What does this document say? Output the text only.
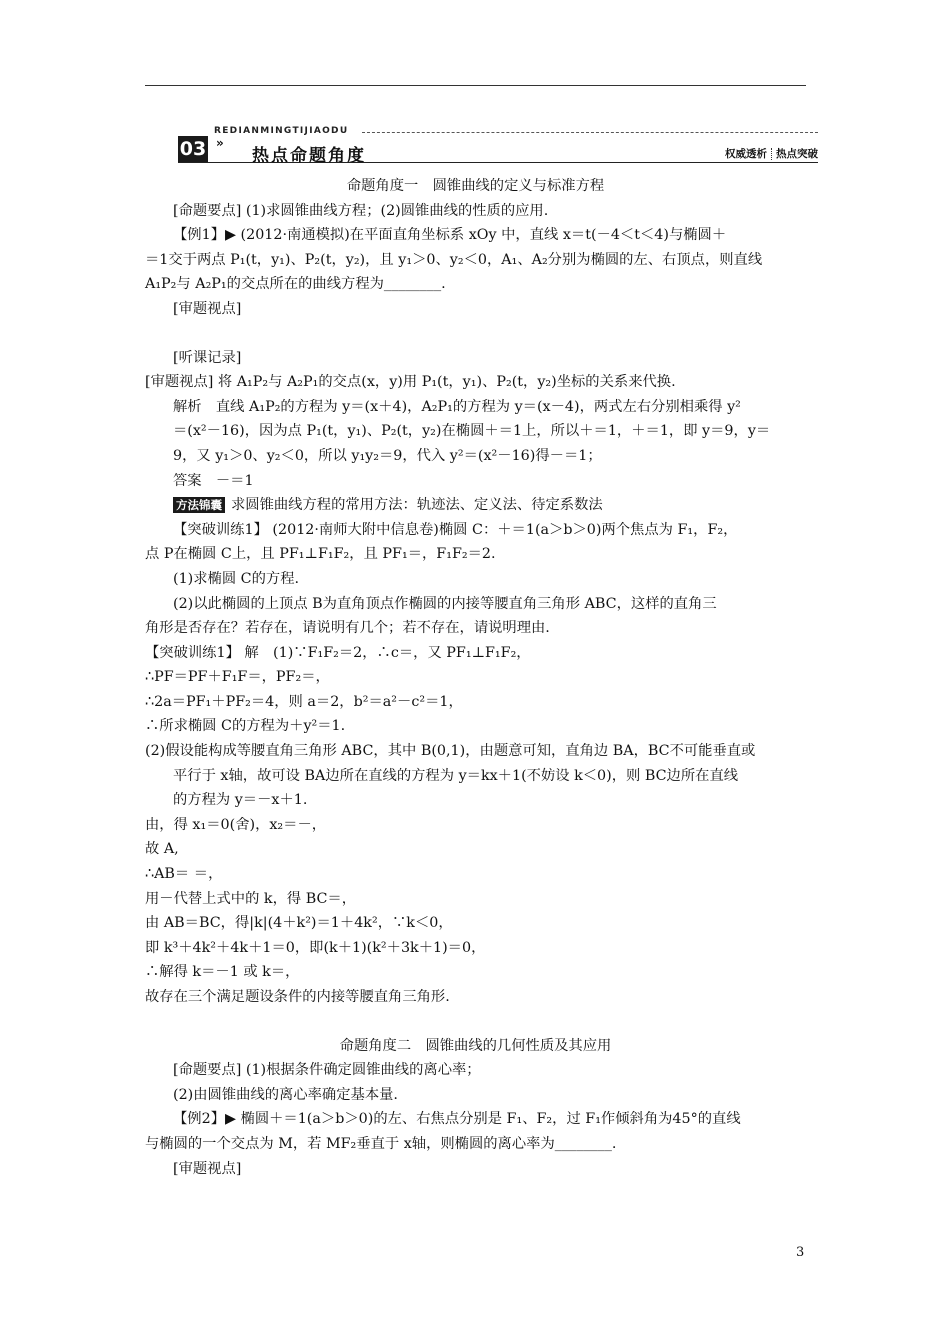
REDIANMINGTIJIAODU
03 »
热点命题角度	权威透析 热点突破
命题角度一　圆锥曲线的定义与标准方程
[命题要点] (1)求圆锥曲线方程；(2)圆锥曲线的性质的应用.
【例1】▶ (2012·南通模拟)在平面直角坐标系 xOy 中，直线 x＝t(－4＜t＜4)与椭圆＋
＝1交于两点 P₁(t，y₁)、P₂(t，y₂)，且 y₁＞0、y₂＜0，A₁、A₂分别为椭圆的左、右顶点，则直线
A₁P₂与 A₂P₁的交点所在的曲线方程为________.
[审题视点]
[听课记录]
[审题视点] 将 A₁P₂与 A₂P₁的交点(x，y)用 P₁(t，y₁)、P₂(t，y₂)坐标的关系来代换.
解析　直线 A₁P₂的方程为 y＝(x＋4)，A₂P₁的方程为 y＝(x－4)，两式左右分别相乘得 y²
＝(x²－16)，因为点 P₁(t，y₁)、P₂(t，y₂)在椭圆＋＝1上，所以＋＝1，＋＝1，即 y＝9，y＝
9，又 y₁＞0、y₂＜0，所以 y₁y₂＝9，代入 y²＝(x²－16)得－＝1；
答案　－＝1
方法锦囊 求圆锥曲线方程的常用方法：轨迹法、定义法、待定系数法
【突破训练1】 (2012·南师大附中信息卷)椭圆 C：＋＝1(a＞b＞0)两个焦点为 F₁，F₂，
点 P在椭圆 C上，且 PF₁⊥F₁F₂，且 PF₁＝，F₁F₂＝2.
(1)求椭圆 C的方程.
(2)以此椭圆的上顶点 B为直角顶点作椭圆的内接等腰直角三角形 ABC，这样的直角三
角形是否存在？若存在，请说明有几个；若不存在，请说明理由.
【突破训练1】 解　(1)∵F₁F₂＝2，∴c＝，又 PF₁⊥F₁F₂，
∴PF＝PF＋F₁F＝，PF₂＝，
∴2a＝PF₁＋PF₂＝4，则 a＝2，b²＝a²－c²＝1，
∴所求椭圆 C的方程为＋y²＝1.
(2)假设能构成等腰直角三角形 ABC，其中 B(0,1)，由题意可知，直角边 BA，BC不可能垂直或
平行于 x轴，故可设 BA边所在直线的方程为 y＝kx＋1(不妨设 k＜0)，则 BC边所在直线
的方程为 y＝－x＋1.
由，得 x₁＝0(舍)，x₂＝－，
故 A,
∴AB＝ ＝，
用－代替上式中的 k，得 BC＝，
由 AB＝BC，得|k|(4＋k²)＝1＋4k²，∵k＜0，
即 k³＋4k²＋4k＋1＝0，即(k＋1)(k²＋3k＋1)＝0，
∴解得 k＝－1 或 k＝，
故存在三个满足题设条件的内接等腰直角三角形.
命题角度二　圆锥曲线的几何性质及其应用
[命题要点] (1)根据条件确定圆锥曲线的离心率；
(2)由圆锥曲线的离心率确定基本量.
【例2】▶ 椭圆＋＝1(a＞b＞0)的左、右焦点分别是 F₁、F₂，过 F₁作倾斜角为45°的直线
与椭圆的一个交点为 M，若 MF₂垂直于 x轴，则椭圆的离心率为________.
[审题视点]
3
